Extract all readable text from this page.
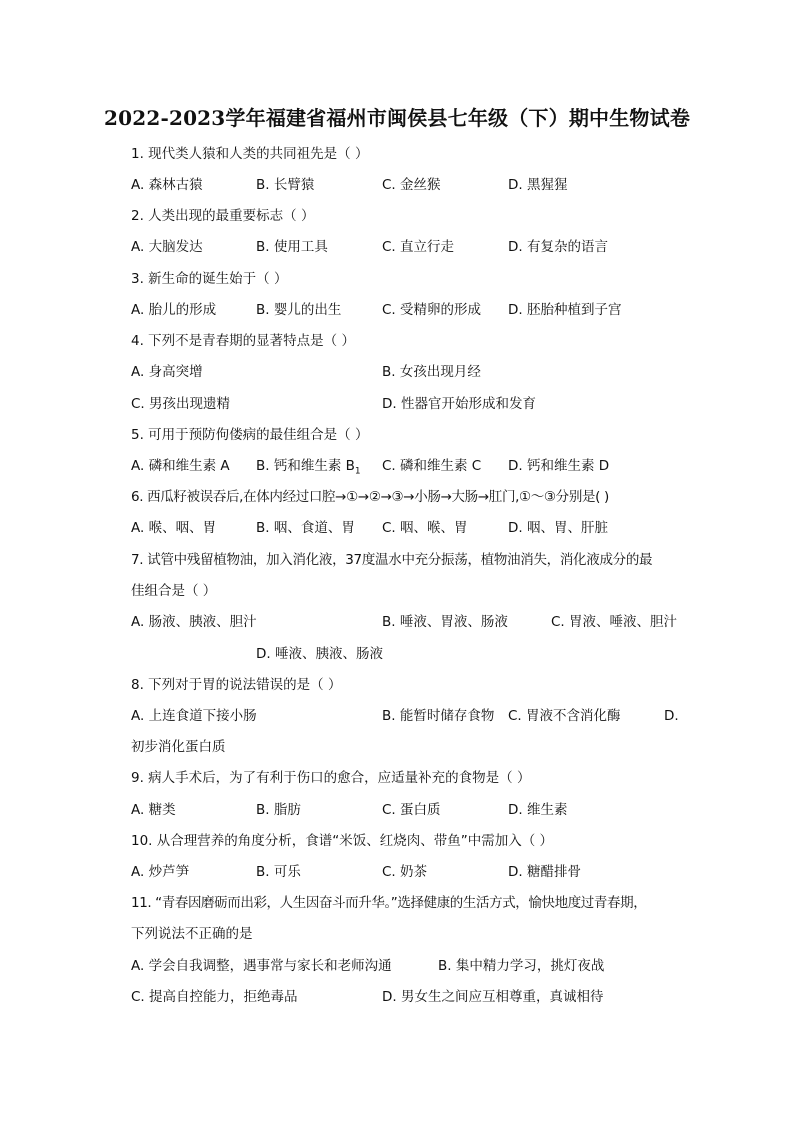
2022-2023学年福建省福州市闽侯县七年级（下）期中生物试卷
1. 现代类人猿和人类的共同祖先是（ ）
A. 森林古猿	B. 长臂猿	C. 金丝猴	D. 黑猩猩
2. 人类出现的最重要标志（ ）
A. 大脑发达	B. 使用工具	C. 直立行走	D. 有复杂的语言
3. 新生命的诞生始于（ ）
A. 胎儿的形成	B. 婴儿的出生	C. 受精卵的形成 D. 胚胎种植到子宫
4. 下列不是青春期的显著特点是（ ）
A. 身高突增	B. 女孩出现月经
C. 男孩出现遗精	D. 性器官开始形成和发育
5. 可用于预防佝偻病的最佳组合是（ ）
A. 磷和维生素 A B. 钙和维生素 $B_1$ C. 磷和维生素 C D. 钙和维生素 D
6. 西瓜籽被误吞后,在体内经过口腔→①→②→③→小肠→大肠→肛门,①～③分别是( )
A. 喉、咽、胃	B. 咽、食道、胃 C. 咽、喉、胃	D. 咽、胃、肝脏
7. 试管中残留植物油，加入消化液，37度温水中充分振荡，植物油消失，消化液成分的最
佳组合是（ ）
A. 肠液、胰液、胆汁	B. 唾液、胃液、肠液	C. 胃液、唾液、胆汁
D. 唾液、胰液、肠液
8. 下列对于胃的说法错误的是（ ）
A. 上连食道下接小肠	B. 能暂时储存食物 C. 胃液不含消化酶	D.
初步消化蛋白质
9. 病人手术后，为了有利于伤口的愈合，应适量补充的食物是（ ）
A. 糖类	B. 脂肪	C. 蛋白质	D. 维生素
10. 从合理营养的角度分析，食谱“米饭、红烧肉、带鱼”中需加入（ ）
A. 炒芦笋	B. 可乐	C. 奶茶	D. 糖醋排骨
11. “青春因磨砺而出彩，人生因奋斗而升华。”选择健康的生活方式，愉快地度过青春期，
下列说法不正确的是
A. 学会自我调整，遇事常与家长和老师沟通	B. 集中精力学习，挑灯夜战
C. 提高自控能力，拒绝毒品	D. 男女生之间应互相尊重，真诚相待
